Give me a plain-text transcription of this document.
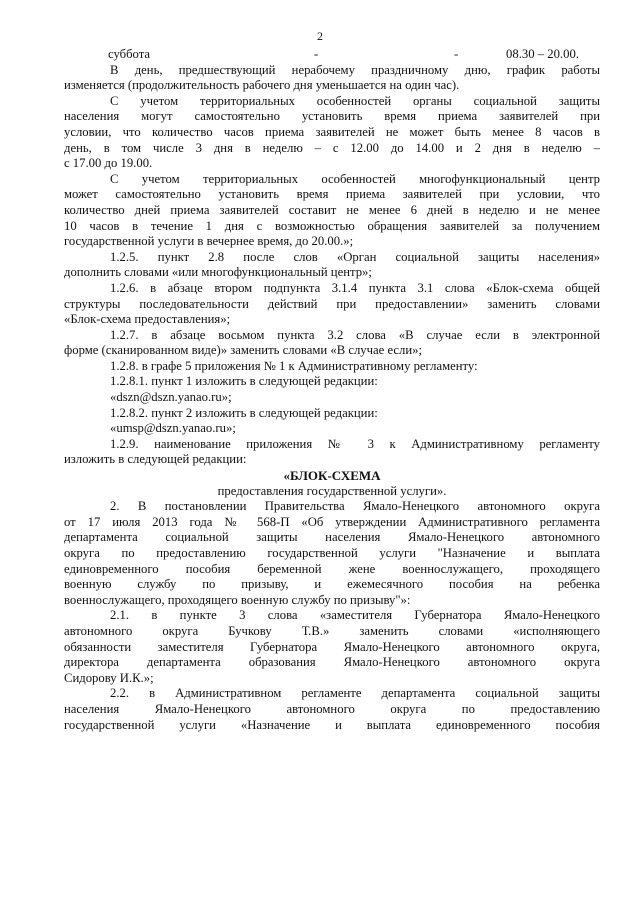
2
суббота	-	-	08.30 – 20.00.
В день, предшествующий нерабочему праздничному дню, график работы
изменяется (продолжительность рабочего дня уменьшается на один час).
С учетом территориальных особенностей органы социальной защиты
населения могут самостоятельно установить время приема заявителей при
условии, что количество часов приема заявителей не может быть менее 8 часов в
день, в том числе 3 дня в неделю – с 12.00 до 14.00 и 2 дня в неделю –
с 17.00 до 19.00.
С учетом территориальных особенностей многофункциональный центр
может самостоятельно установить время приема заявителей при условии, что
количество дней приема заявителей составит не менее 6 дней в неделю и не менее
10 часов в течение 1 дня с возможностью обращения заявителей за получением
государственной услуги в вечернее время, до 20.00.»;
1.2.5. пункт 2.8 после слов «Орган социальной защиты населения»
дополнить словами «или многофункциональный центр»;
1.2.6. в абзаце втором подпункта 3.1.4 пункта 3.1 слова «Блок-схема общей
структуры последовательности действий при предоставлении» заменить словами
«Блок-схема предоставления»;
1.2.7. в абзаце восьмом пункта 3.2 слова «В случае если в электронной
форме (сканированном виде)» заменить словами «В случае если»;
1.2.8. в графе 5 приложения № 1 к Административному регламенту:
1.2.8.1. пункт 1 изложить в следующей редакции:
«dszn@dszn.yanao.ru»;
1.2.8.2. пункт 2 изложить в следующей редакции:
«umsp@dszn.yanao.ru»;
1.2.9. наименование приложения № 3 к Административному регламенту
изложить в следующей редакции:
«БЛОК-СХЕМА
предоставления государственной услуги».
2. В постановлении Правительства Ямало-Ненецкого автономного округа
от 17 июля 2013 года № 568-П «Об утверждении Административного регламента
департамента социальной защиты населения Ямало-Ненецкого автономного
округа по предоставлению государственной услуги "Назначение и выплата
единовременного пособия беременной жене военнослужащего, проходящего
военную службу по призыву, и ежемесячного пособия на ребенка
военнослужащего, проходящего военную службу по призыву"»:
2.1. в пункте 3 слова «заместителя Губернатора Ямало-Ненецкого
автономного округа Бучкову Т.В.» заменить словами «исполняющего
обязанности заместителя Губернатора Ямало-Ненецкого автономного округа,
директора департамента образования Ямало-Ненецкого автономного округа
Сидорову И.К.»;
2.2. в Административном регламенте департамента социальной защиты
населения Ямало-Ненецкого автономного округа по предоставлению
государственной услуги «Назначение и выплата единовременного пособия
